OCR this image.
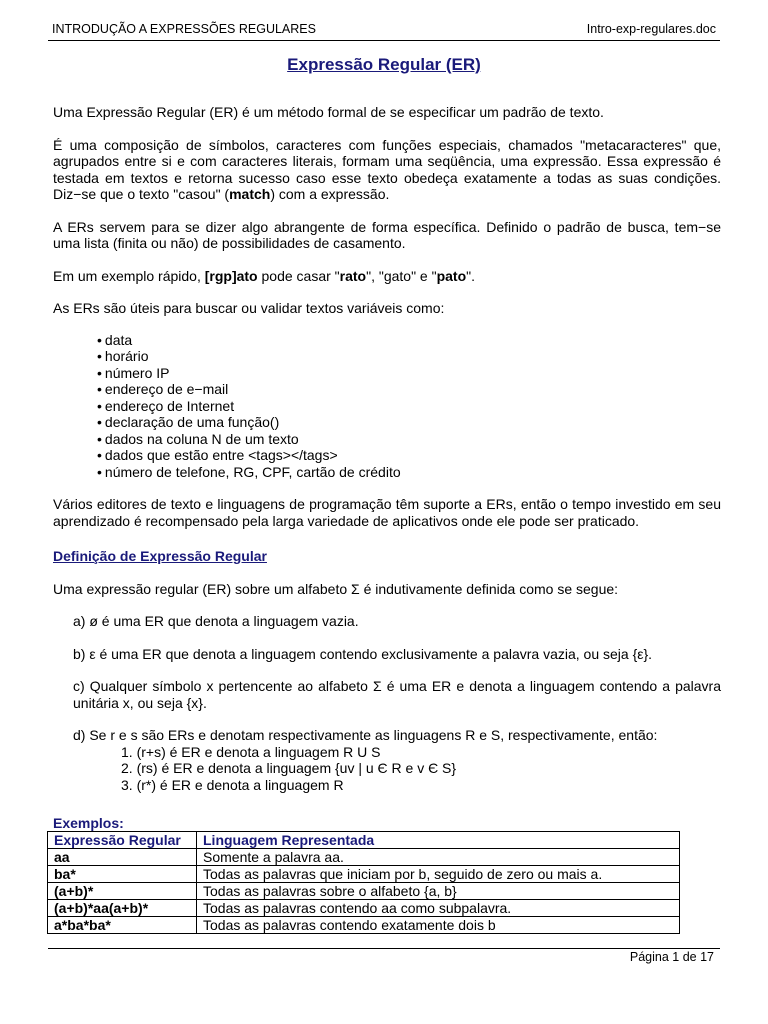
INTRODUÇÃO A EXPRESSÕES REGULARES	Intro-exp-regulares.doc
Expressão Regular (ER)

Uma Expressão Regular (ER) é um método formal de se especificar um padrão de texto.

É uma composição de símbolos, caracteres com funções especiais, chamados "metacaracteres" que, agrupados entre si e com caracteres literais, formam uma seqüência, uma expressão. Essa expressão é testada em textos e retorna sucesso caso esse texto obedeça exatamente a todas as suas condições. Diz−se que o texto "casou" (match) com a expressão.

A ERs servem para se dizer algo abrangente de forma específica. Definido o padrão de busca, tem−se uma lista (finita ou não) de possibilidades de casamento.

Em um exemplo rápido, [rgp]ato pode casar "rato", "gato" e "pato".

As ERs são úteis para buscar ou validar textos variáveis como:

• data
• horário
• número IP
• endereço de e−mail
• endereço de Internet
• declaração de uma função()
• dados na coluna N de um texto
• dados que estão entre <tags></tags>
• número de telefone, RG, CPF, cartão de crédito

Vários editores de texto e linguagens de programação têm suporte a ERs, então o tempo investido em seu aprendizado é recompensado pela larga variedade de aplicativos onde ele pode ser praticado.

Definição de Expressão Regular

Uma expressão regular (ER) sobre um alfabeto Σ é indutivamente definida como se segue:

a) ø é uma ER que denota a linguagem vazia.

b) ε é uma ER que denota a linguagem contendo exclusivamente a palavra vazia, ou seja {ε}.

c) Qualquer símbolo x pertencente ao alfabeto Σ é uma ER e denota a linguagem contendo a palavra unitária x, ou seja {x}.

d) Se r e s são ERs e denotam respectivamente as linguagens R e S, respectivamente, então:

1. (r+s) é ER e denota a linguagem R U S
2. (rs) é ER e denota a linguagem {uv | u Є R e v Є S}
3. (r*) é ER e denota a linguagem R
Exemplos:
Expressão Regular	Linguagem Representada
aa	Somente a palavra aa.
ba*	Todas as palavras que iniciam por b, seguido de zero ou mais a.
(a+b)*	Todas as palavras sobre o alfabeto {a, b}
(a+b)*aa(a+b)*	Todas as palavras contendo aa como subpalavra.
a*ba*ba*	Todas as palavras contendo exatamente dois b
Página 1 de 17
